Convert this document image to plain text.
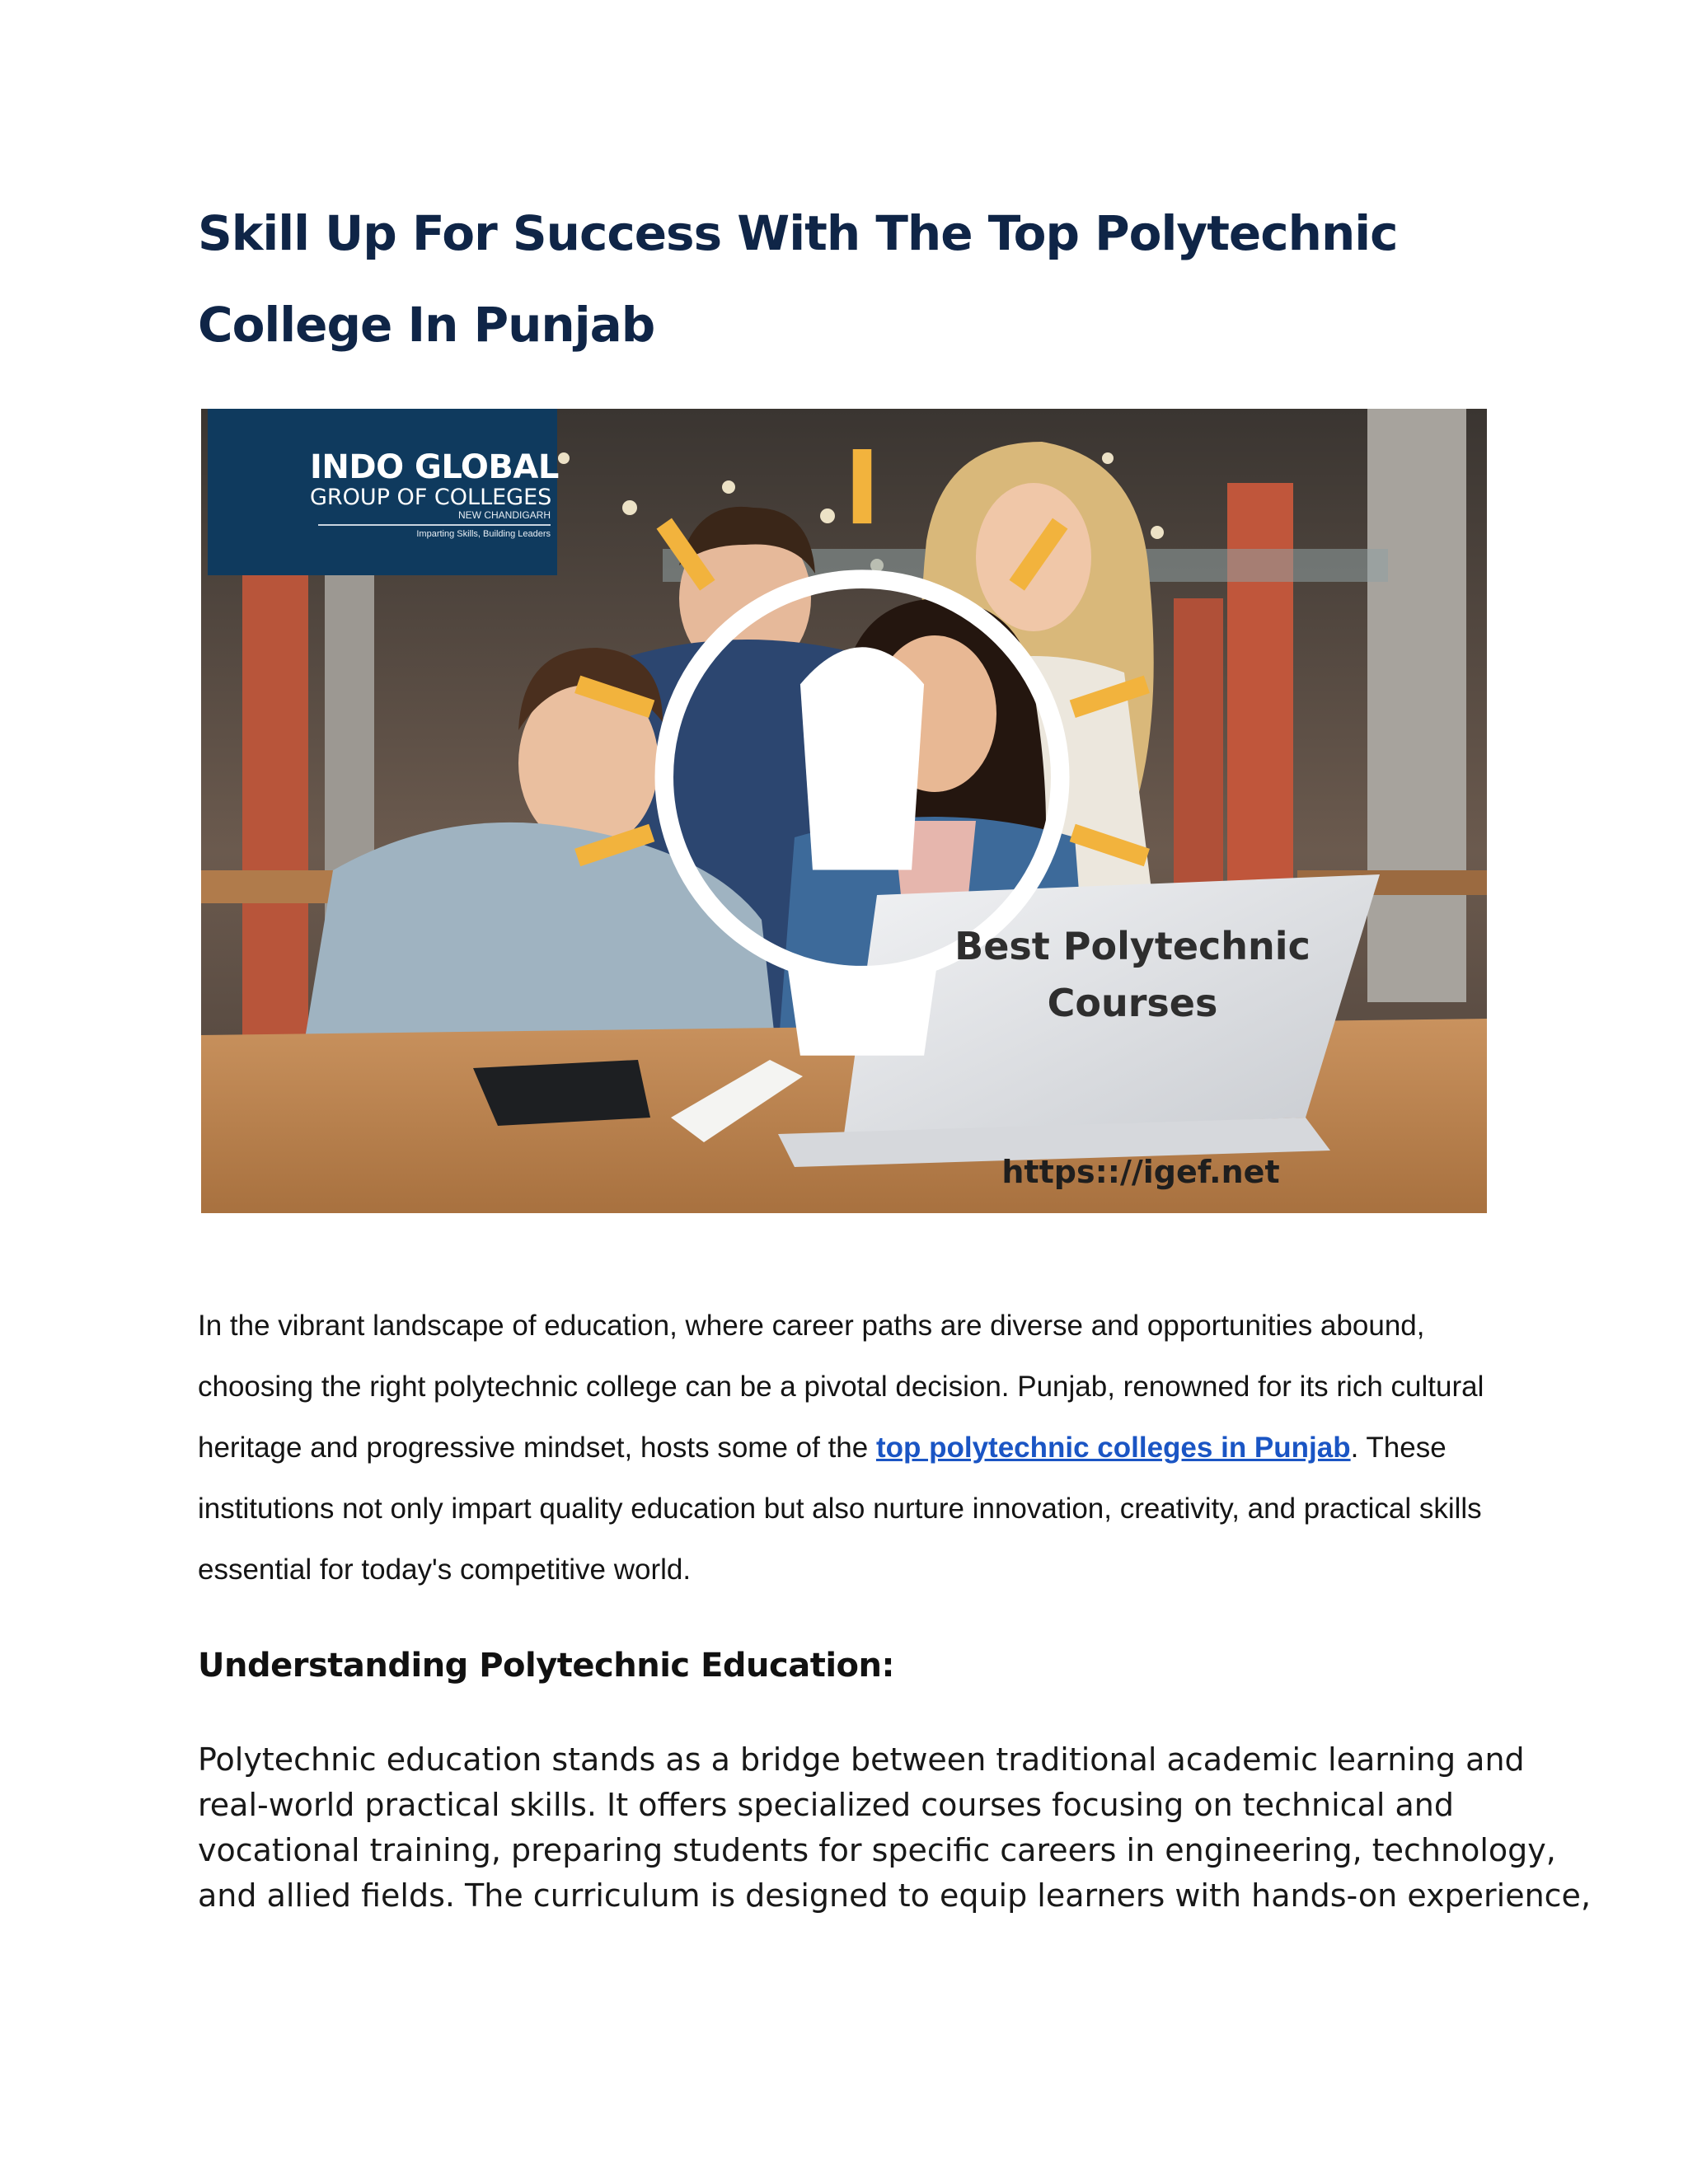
Skill Up For Success With The Top Polytechnic College In Punjab
INDO GLOBAL
GROUP OF COLLEGES
NEW CHANDIGARH
Imparting Skills, Building Leaders
Best Polytechnic
Courses
https:://igef.net

In the vibrant landscape of education, where career paths are diverse and opportunities abound, choosing the right polytechnic college can be a pivotal decision. Punjab, renowned for its rich cultural heritage and progressive mindset, hosts some of the top polytechnic colleges in Punjab. These institutions not only impart quality education but also nurture innovation, creativity, and practical skills essential for today's competitive world.

Understanding Polytechnic Education:
Polytechnic education stands as a bridge between traditional academic learning and
real-world practical skills. It offers specialized courses focusing on technical and
vocational training, preparing students for specific careers in engineering, technology,
and allied fields. The curriculum is designed to equip learners with hands-on experience,
